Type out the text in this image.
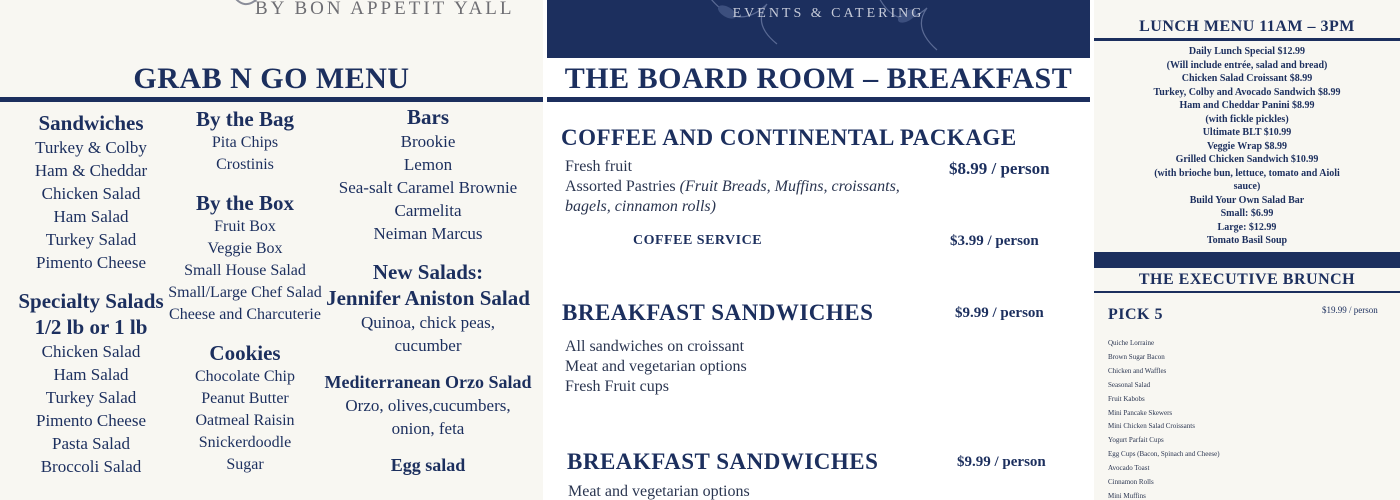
BY BON APPETIT YALL
GRAB N GO MENU
Sandwiches
Turkey & Colby
Ham & Cheddar
Chicken Salad
Ham Salad
Turkey Salad
Pimento Cheese
Specialty Salads
1/2 lb or 1 lb
Chicken Salad
Ham Salad
Turkey Salad
Pimento Cheese
Pasta Salad
Broccoli Salad
By the Bag
Pita Chips
Crostinis
By the Box
Fruit Box
Veggie Box
Small House Salad
Small/Large Chef Salad
Cheese and Charcuterie
Cookies
Chocolate Chip
Peanut Butter
Oatmeal Raisin
Snickerdoodle
Sugar
Bars
Brookie
Lemon
Sea-salt Caramel Brownie
Carmelita
Neiman Marcus
New Salads:
Jennifer Aniston Salad
Quinoa, chick peas,
cucumber
Mediterranean Orzo Salad
Orzo, olives,cucumbers,
onion, feta
Egg salad
EVENTS & CATERING
THE BOARD ROOM – BREAKFAST
COFFEE AND CONTINENTAL PACKAGE
Fresh fruit
Assorted Pastries (Fruit Breads, Muffins, croissants,
bagels, cinnamon rolls)
$8.99 / person
COFFEE SERVICE	$3.99 / person
BREAKFAST SANDWICHES	$9.99 / person
All sandwiches on croissant
Meat and vegetarian options
Fresh Fruit cups
BREAKFAST SANDWICHES	$9.99 / person
Meat and vegetarian options
LUNCH MENU 11AM – 3PM
Daily Lunch Special $12.99
(Will include entrée, salad and bread)
Chicken Salad Croissant $8.99
Turkey, Colby and Avocado Sandwich $8.99
Ham and Cheddar Panini $8.99
(with fickle pickles)
Ultimate BLT $10.99
Veggie Wrap $8.99
Grilled Chicken Sandwich $10.99
(with brioche bun, lettuce, tomato and Aioli
sauce)
Build Your Own Salad Bar
Small: $6.99
Large: $12.99
Tomato Basil Soup
THE EXECUTIVE BRUNCH
PICK 5	$19.99 / person
Quiche Lorraine
Brown Sugar Bacon
Chicken and Waffles
Seasonal Salad
Fruit Kabobs
Mini Pancake Skewers
Mini Chicken Salad Croissants
Yogurt Parfait Cups
Egg Cups (Bacon, Spinach and Cheese)
Avocado Toast
Cinnamon Rolls
Mini Muffins
